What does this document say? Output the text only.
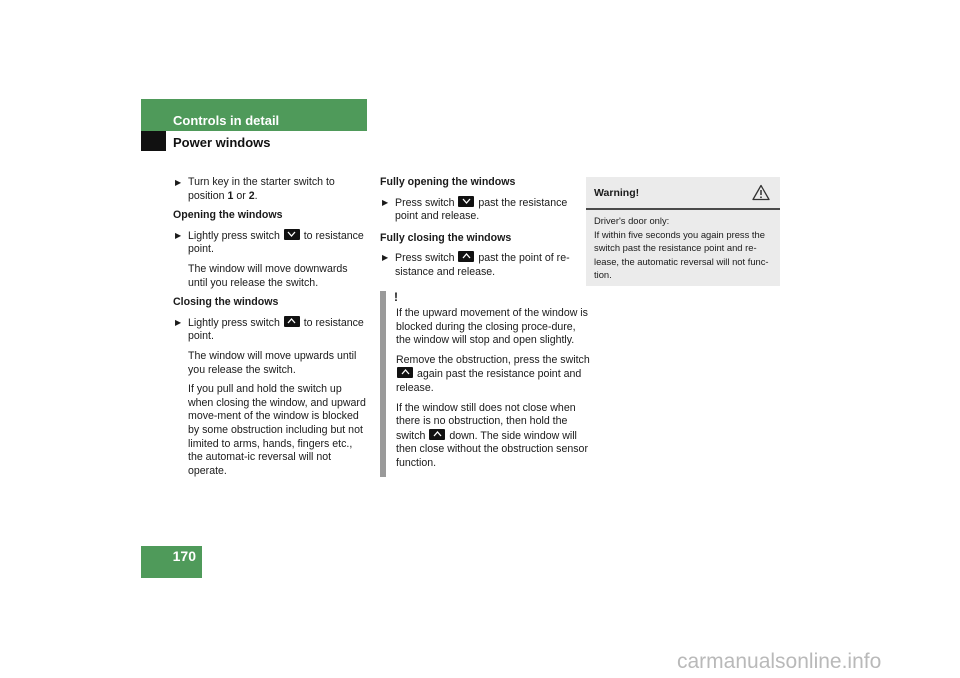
Controls in detail
Power windows
▶ Turn key in the starter switch to position 1 or 2.
Opening the windows
▶ Lightly press switch
to resistance point.
The window will move downwards until you release the switch.
Closing the windows
▶ Lightly press switch
to resistance point.
The window will move upwards until you release the switch.
If you pull and hold the switch up when closing the window, and upward move-ment of the window is blocked by some obstruction including but not limited to arms, hands, fingers etc., the automat-ic reversal will not operate.
Fully opening the windows
▶ Press switch
past the resistance point and release.
Fully closing the windows
▶ Press switch
past the point of re-sistance and release.
!

If the upward movement of the window is blocked during the closing proce-dure, the window will stop and open slightly.

Remove the obstruction, press the switch
again past the resistance point and release.

If the window still does not close when there is no obstruction, then hold the switch
down. The side window will then close without the obstruction sensor function.

Warning!
Driver's door only:
If within five seconds you again press the switch past the resistance point and re-lease, the automatic reversal will not func-tion.
170
carmanualsonline.info
